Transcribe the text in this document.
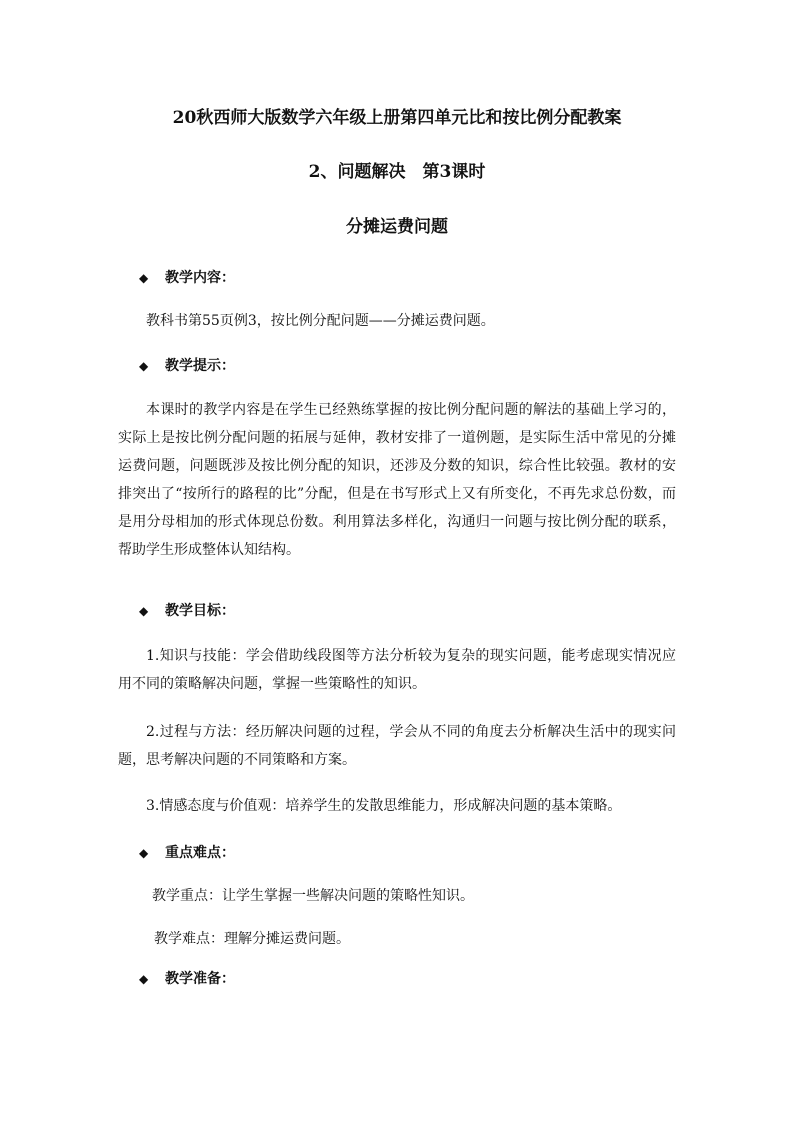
20秋西师大版数学六年级上册第四单元比和按比例分配教案
2、问题解决　第3课时
分摊运费问题
◆ 教学内容：
教科书第55页例3，按比例分配问题——分摊运费问题。
◆ 教学提示：
本课时的教学内容是在学生已经熟练掌握的按比例分配问题的解法的基础上学习的，实际上是按比例分配问题的拓展与延伸，教材安排了一道例题，是实际生活中常见的分摊运费问题，问题既涉及按比例分配的知识，还涉及分数的知识，综合性比较强。教材的安排突出了“按所行的路程的比”分配，但是在书写形式上又有所变化，不再先求总份数，而是用分母相加的形式体现总份数。利用算法多样化，沟通归一问题与按比例分配的联系，帮助学生形成整体认知结构。
◆ 教学目标：
1.知识与技能：学会借助线段图等方法分析较为复杂的现实问题，能考虑现实情况应用不同的策略解决问题，掌握一些策略性的知识。
2.过程与方法：经历解决问题的过程，学会从不同的角度去分析解决生活中的现实问题，思考解决问题的不同策略和方案。
3.情感态度与价值观：培养学生的发散思维能力，形成解决问题的基本策略。
◆ 重点难点：
教学重点：让学生掌握一些解决问题的策略性知识。
教学难点：理解分摊运费问题。
◆ 教学准备：
